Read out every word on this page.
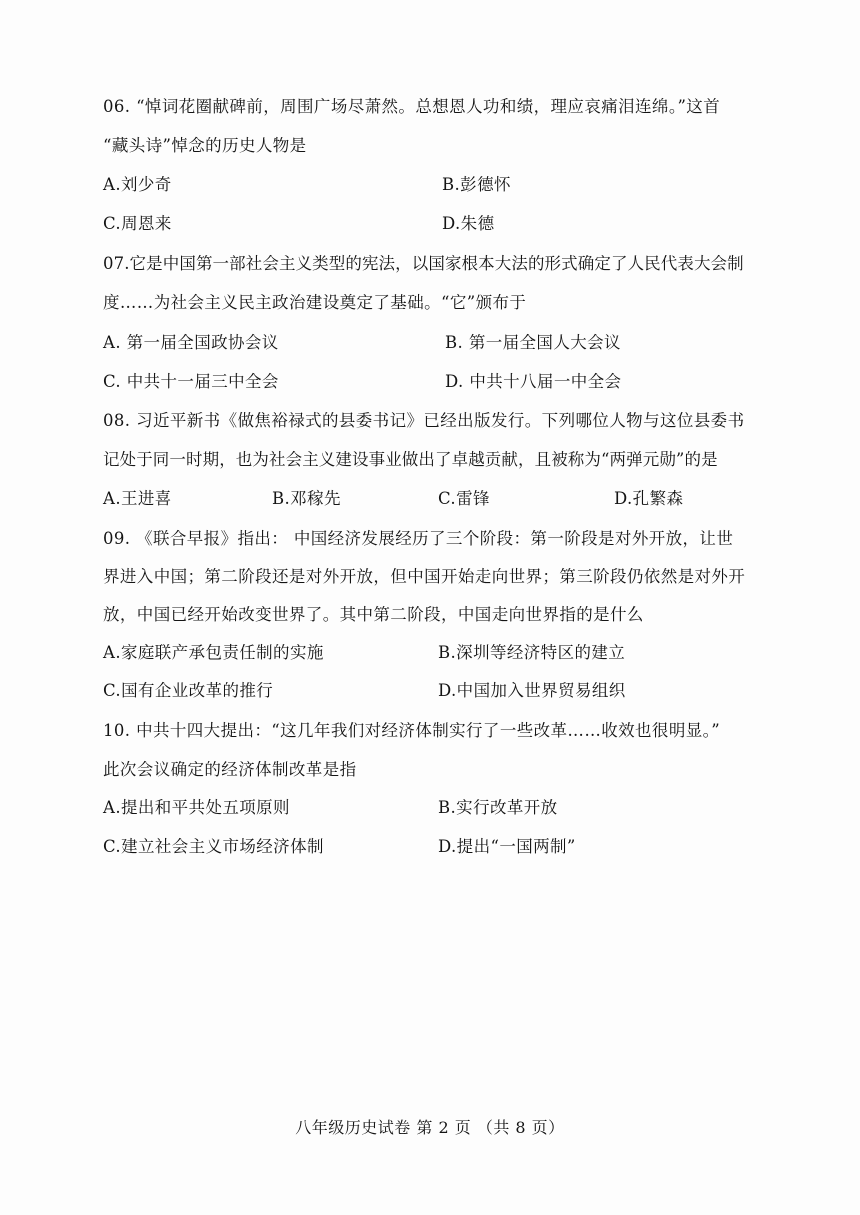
06. “悼词花圈献碑前，周围广场尽萧然。总想恩人功和绩，理应哀痛泪连绵。”这首
“藏头诗”悼念的历史人物是
A.刘少奇	B.彭德怀
C.周恩来	D.朱德
07.它是中国第一部社会主义类型的宪法，以国家根本大法的形式确定了人民代表大会制
度……为社会主义民主政治建设奠定了基础。“它”颁布于
A. 第一届全国政协会议	B. 第一届全国人大会议
C. 中共十一届三中全会	D. 中共十八届一中全会
08. 习近平新书《做焦裕禄式的县委书记》已经出版发行。下列哪位人物与这位县委书
记处于同一时期，也为社会主义建设事业做出了卓越贡献，且被称为“两弹元勋”的是
A.王进喜	B.邓稼先	C.雷锋	D.孔繁森
09. 《联合早报》指出： 中国经济发展经历了三个阶段：第一阶段是对外开放，让世
界进入中国；第二阶段还是对外开放，但中国开始走向世界；第三阶段仍依然是对外开
放，中国已经开始改变世界了。其中第二阶段，中国走向世界指的是什么
A.家庭联产承包责任制的实施	B.深圳等经济特区的建立
C.国有企业改革的推行	D.中国加入世界贸易组织
10. 中共十四大提出：“这几年我们对经济体制实行了一些改革……收效也很明显。”
此次会议确定的经济体制改革是指
A.提出和平共处五项原则	B.实行改革开放
C.建立社会主义市场经济体制	D.提出“一国两制”
八年级历史试卷 第 2 页 （共 8 页）
